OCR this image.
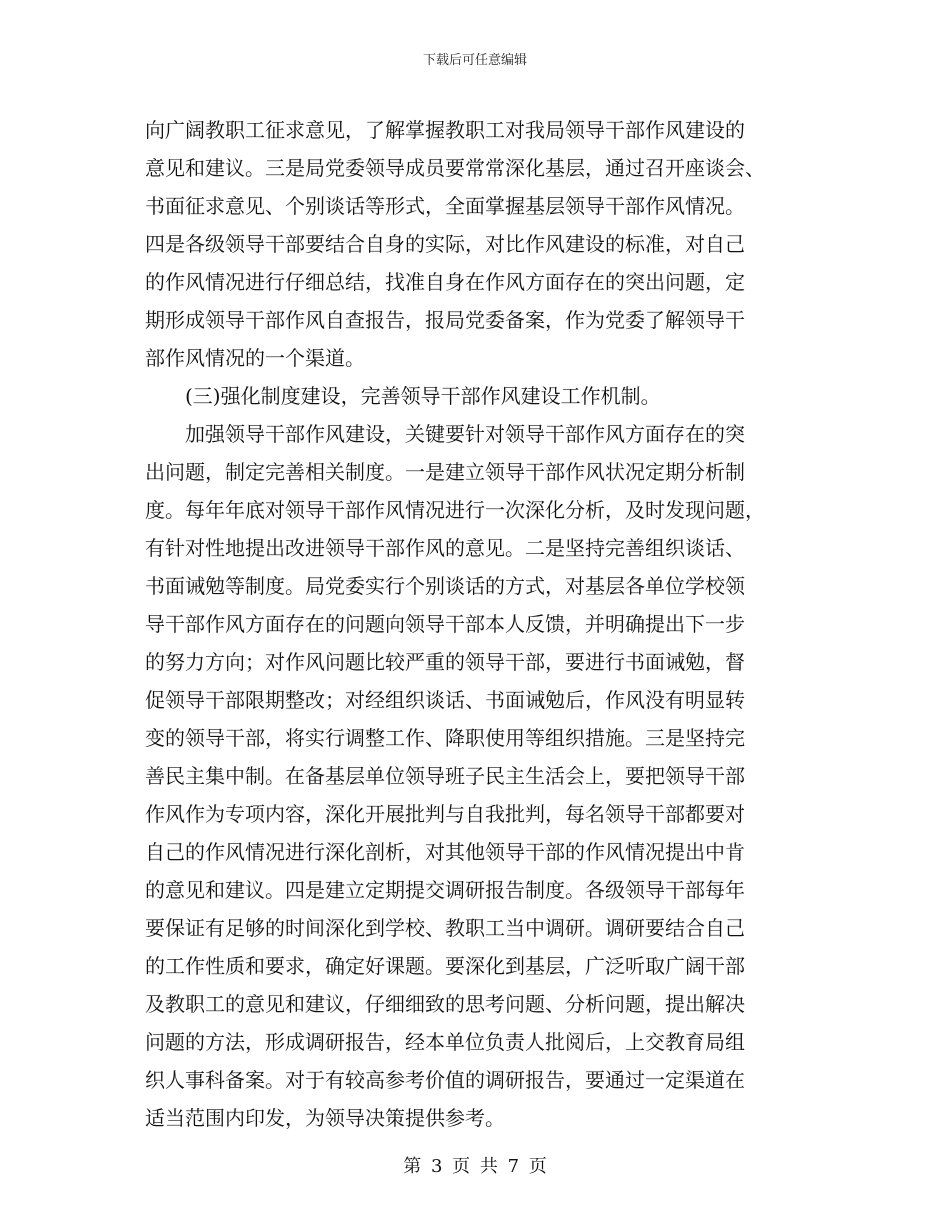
下载后可任意编辑
向广阔教职工征求意见，了解掌握教职工对我局领导干部作风建设的
意见和建议。三是局党委领导成员要常常深化基层，通过召开座谈会、
书面征求意见、个别谈话等形式，全面掌握基层领导干部作风情况。
四是各级领导干部要结合自身的实际，对比作风建设的标准，对自己
的作风情况进行仔细总结，找准自身在作风方面存在的突出问题，定
期形成领导干部作风自查报告，报局党委备案，作为党委了解领导干
部作风情况的一个渠道。
　　(三)强化制度建设，完善领导干部作风建设工作机制。
　　加强领导干部作风建设，关键要针对领导干部作风方面存在的突
出问题，制定完善相关制度。一是建立领导干部作风状况定期分析制
度。每年年底对领导干部作风情况进行一次深化分析，及时发现问题，
有针对性地提出改进领导干部作风的意见。二是坚持完善组织谈话、
书面诫勉等制度。局党委实行个别谈话的方式，对基层各单位学校领
导干部作风方面存在的问题向领导干部本人反馈，并明确提出下一步
的努力方向；对作风问题比较严重的领导干部，要进行书面诫勉，督
促领导干部限期整改；对经组织谈话、书面诫勉后，作风没有明显转
变的领导干部，将实行调整工作、降职使用等组织措施。三是坚持完
善民主集中制。在备基层单位领导班子民主生活会上，要把领导干部
作风作为专项内容，深化开展批判与自我批判，每名领导干部都要对
自己的作风情况进行深化剖析，对其他领导干部的作风情况提出中肯
的意见和建议。四是建立定期提交调研报告制度。各级领导干部每年
要保证有足够的时间深化到学校、教职工当中调研。调研要结合自己
的工作性质和要求，确定好课题。要深化到基层，广泛听取广阔干部
及教职工的意见和建议，仔细细致的思考问题、分析问题，提出解决
问题的方法，形成调研报告，经本单位负责人批阅后，上交教育局组
织人事科备案。对于有较高参考价值的调研报告，要通过一定渠道在
适当范围内印发，为领导决策提供参考。
第 3 页 共 7 页
